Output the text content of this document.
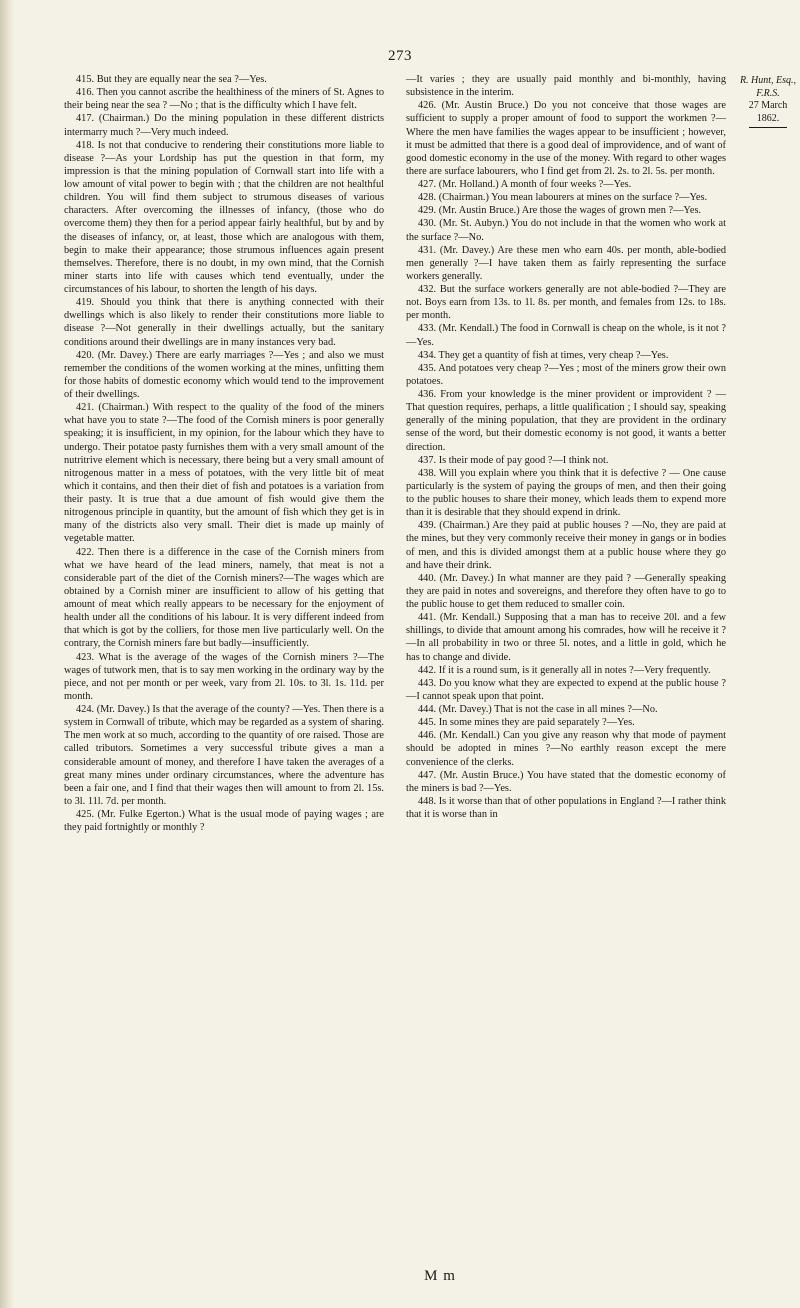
273

415. But they are equally near the sea ?—Yes.

416. Then you cannot ascribe the healthiness of the miners of St. Agnes to their being near the sea ? —No ; that is the difficulty which I have felt.

417. (Chairman.) Do the mining population in these different districts intermarry much ?—Very much indeed.

418. Is not that conducive to rendering their constitutions more liable to disease ?—As your Lordship has put the question in that form, my impression is that the mining population of Cornwall start into life with a low amount of vital power to begin with ; that the children are not healthful children. You will find them subject to strumous diseases of various characters. After overcoming the illnesses of infancy, (those who do overcome them) they then for a period appear fairly healthful, but by and by the diseases of infancy, or, at least, those which are analogous with them, begin to make their appearance; those strumous influences again present themselves. Therefore, there is no doubt, in my own mind, that the Cornish miner starts into life with causes which tend eventually, under the circumstances of his labour, to shorten the length of his days.

419. Should you think that there is anything connected with their dwellings which is also likely to render their constitutions more liable to disease ?—Not generally in their dwellings actually, but the sanitary conditions around their dwellings are in many instances very bad.

420. (Mr. Davey.) There are early marriages ?—Yes ; and also we must remember the conditions of the women working at the mines, unfitting them for those habits of domestic economy which would tend to the improvement of their dwellings.

421. (Chairman.) With respect to the quality of the food of the miners what have you to state ?—The food of the Cornish miners is poor generally speaking; it is insufficient, in my opinion, for the labour which they have to undergo. Their potatoe pasty furnishes them with a very small amount of the nutritrive element which is necessary, there being but a very small amount of nitrogenous matter in a mess of potatoes, with the very little bit of meat which it contains, and then their diet of fish and potatoes is a variation from their pasty. It is true that a due amount of fish would give them the nitrogenous principle in quantity, but the amount of fish which they get is in many of the districts also very small. Their diet is made up mainly of vegetable matter.

422. Then there is a difference in the case of the Cornish miners from what we have heard of the lead miners, namely, that meat is not a considerable part of the diet of the Cornish miners?—The wages which are obtained by a Cornish miner are insufficient to allow of his getting that amount of meat which really appears to be necessary for the enjoyment of health under all the conditions of his labour. It is very different indeed from that which is got by the colliers, for those men live particularly well. On the contrary, the Cornish miners fare but badly—insufficiently.

423. What is the average of the wages of the Cornish miners ?—The wages of tutwork men, that is to say men working in the ordinary way by the piece, and not per month or per week, vary from 2l. 10s. to 3l. 1s. 11d. per month.

424. (Mr. Davey.) Is that the average of the county? —Yes. Then there is a system in Cornwall of tribute, which may be regarded as a system of sharing. The men work at so much, according to the quantity of ore raised. Those are called tributors. Sometimes a very successful tribute gives a man a considerable amount of money, and therefore I have taken the averages of a great many mines under ordinary circumstances, where the adventure has been a fair one, and I find that their wages then will amount to from 2l. 15s. to 3l. 11l. 7d. per month.

425. (Mr. Fulke Egerton.) What is the usual mode of paying wages ; are they paid fortnightly or monthly ?

—It varies ; they are usually paid monthly and bi-monthly, having subsistence in the interim.

426. (Mr. Austin Bruce.) Do you not conceive that those wages are sufficient to supply a proper amount of food to support the workmen ?—Where the men have families the wages appear to be insufficient ; however, it must be admitted that there is a good deal of improvidence, and of want of good domestic economy in the use of the money. With regard to other wages there are surface labourers, who I find get from 2l. 2s. to 2l. 5s. per month.

427. (Mr. Holland.) A month of four weeks ?—Yes.

428. (Chairman.) You mean labourers at mines on the surface ?—Yes.

429. (Mr. Austin Bruce.) Are those the wages of grown men ?—Yes.

430. (Mr. St. Aubyn.) You do not include in that the women who work at the surface ?—No.

431. (Mr. Davey.) Are these men who earn 40s. per month, able-bodied men generally ?—I have taken them as fairly representing the surface workers generally.

432. But the surface workers generally are not able-bodied ?—They are not. Boys earn from 13s. to 1l. 8s. per month, and females from 12s. to 18s. per month.

433. (Mr. Kendall.) The food in Cornwall is cheap on the whole, is it not ?—Yes.

434. They get a quantity of fish at times, very cheap ?—Yes.

435. And potatoes very cheap ?—Yes ; most of the miners grow their own potatoes.

436. From your knowledge is the miner provident or improvident ? — That question requires, perhaps, a little qualification ; I should say, speaking generally of the mining population, that they are provident in the ordinary sense of the word, but their domestic economy is not good, it wants a better direction.

437. Is their mode of pay good ?—I think not.

438. Will you explain where you think that it is defective ? — One cause particularly is the system of paying the groups of men, and then their going to the public houses to share their money, which leads them to expend more than it is desirable that they should expend in drink.

439. (Chairman.) Are they paid at public houses ? —No, they are paid at the mines, but they very commonly receive their money in gangs or in bodies of men, and this is divided amongst them at a public house where they go and have their drink.

440. (Mr. Davey.) In what manner are they paid ? —Generally speaking they are paid in notes and sovereigns, and therefore they often have to go to the public house to get them reduced to smaller coin.

441. (Mr. Kendall.) Supposing that a man has to receive 20l. and a few shillings, to divide that amount among his comrades, how will he receive it ?—In all probability in two or three 5l. notes, and a little in gold, which he has to change and divide.

442. If it is a round sum, is it generally all in notes ?—Very frequently.

443. Do you know what they are expected to expend at the public house ?—I cannot speak upon that point.

444. (Mr. Davey.) That is not the case in all mines ?—No.

445. In some mines they are paid separately ?—Yes.

446. (Mr. Kendall.) Can you give any reason why that mode of payment should be adopted in mines ?—No earthly reason except the mere convenience of the clerks.

447. (Mr. Austin Bruce.) You have stated that the domestic economy of the miners is bad ?—Yes.

448. Is it worse than that of other populations in England ?—I rather think that it is worse than in

R. Hunt, Esq.,
F.R.S.
27 March 1862.
M m
